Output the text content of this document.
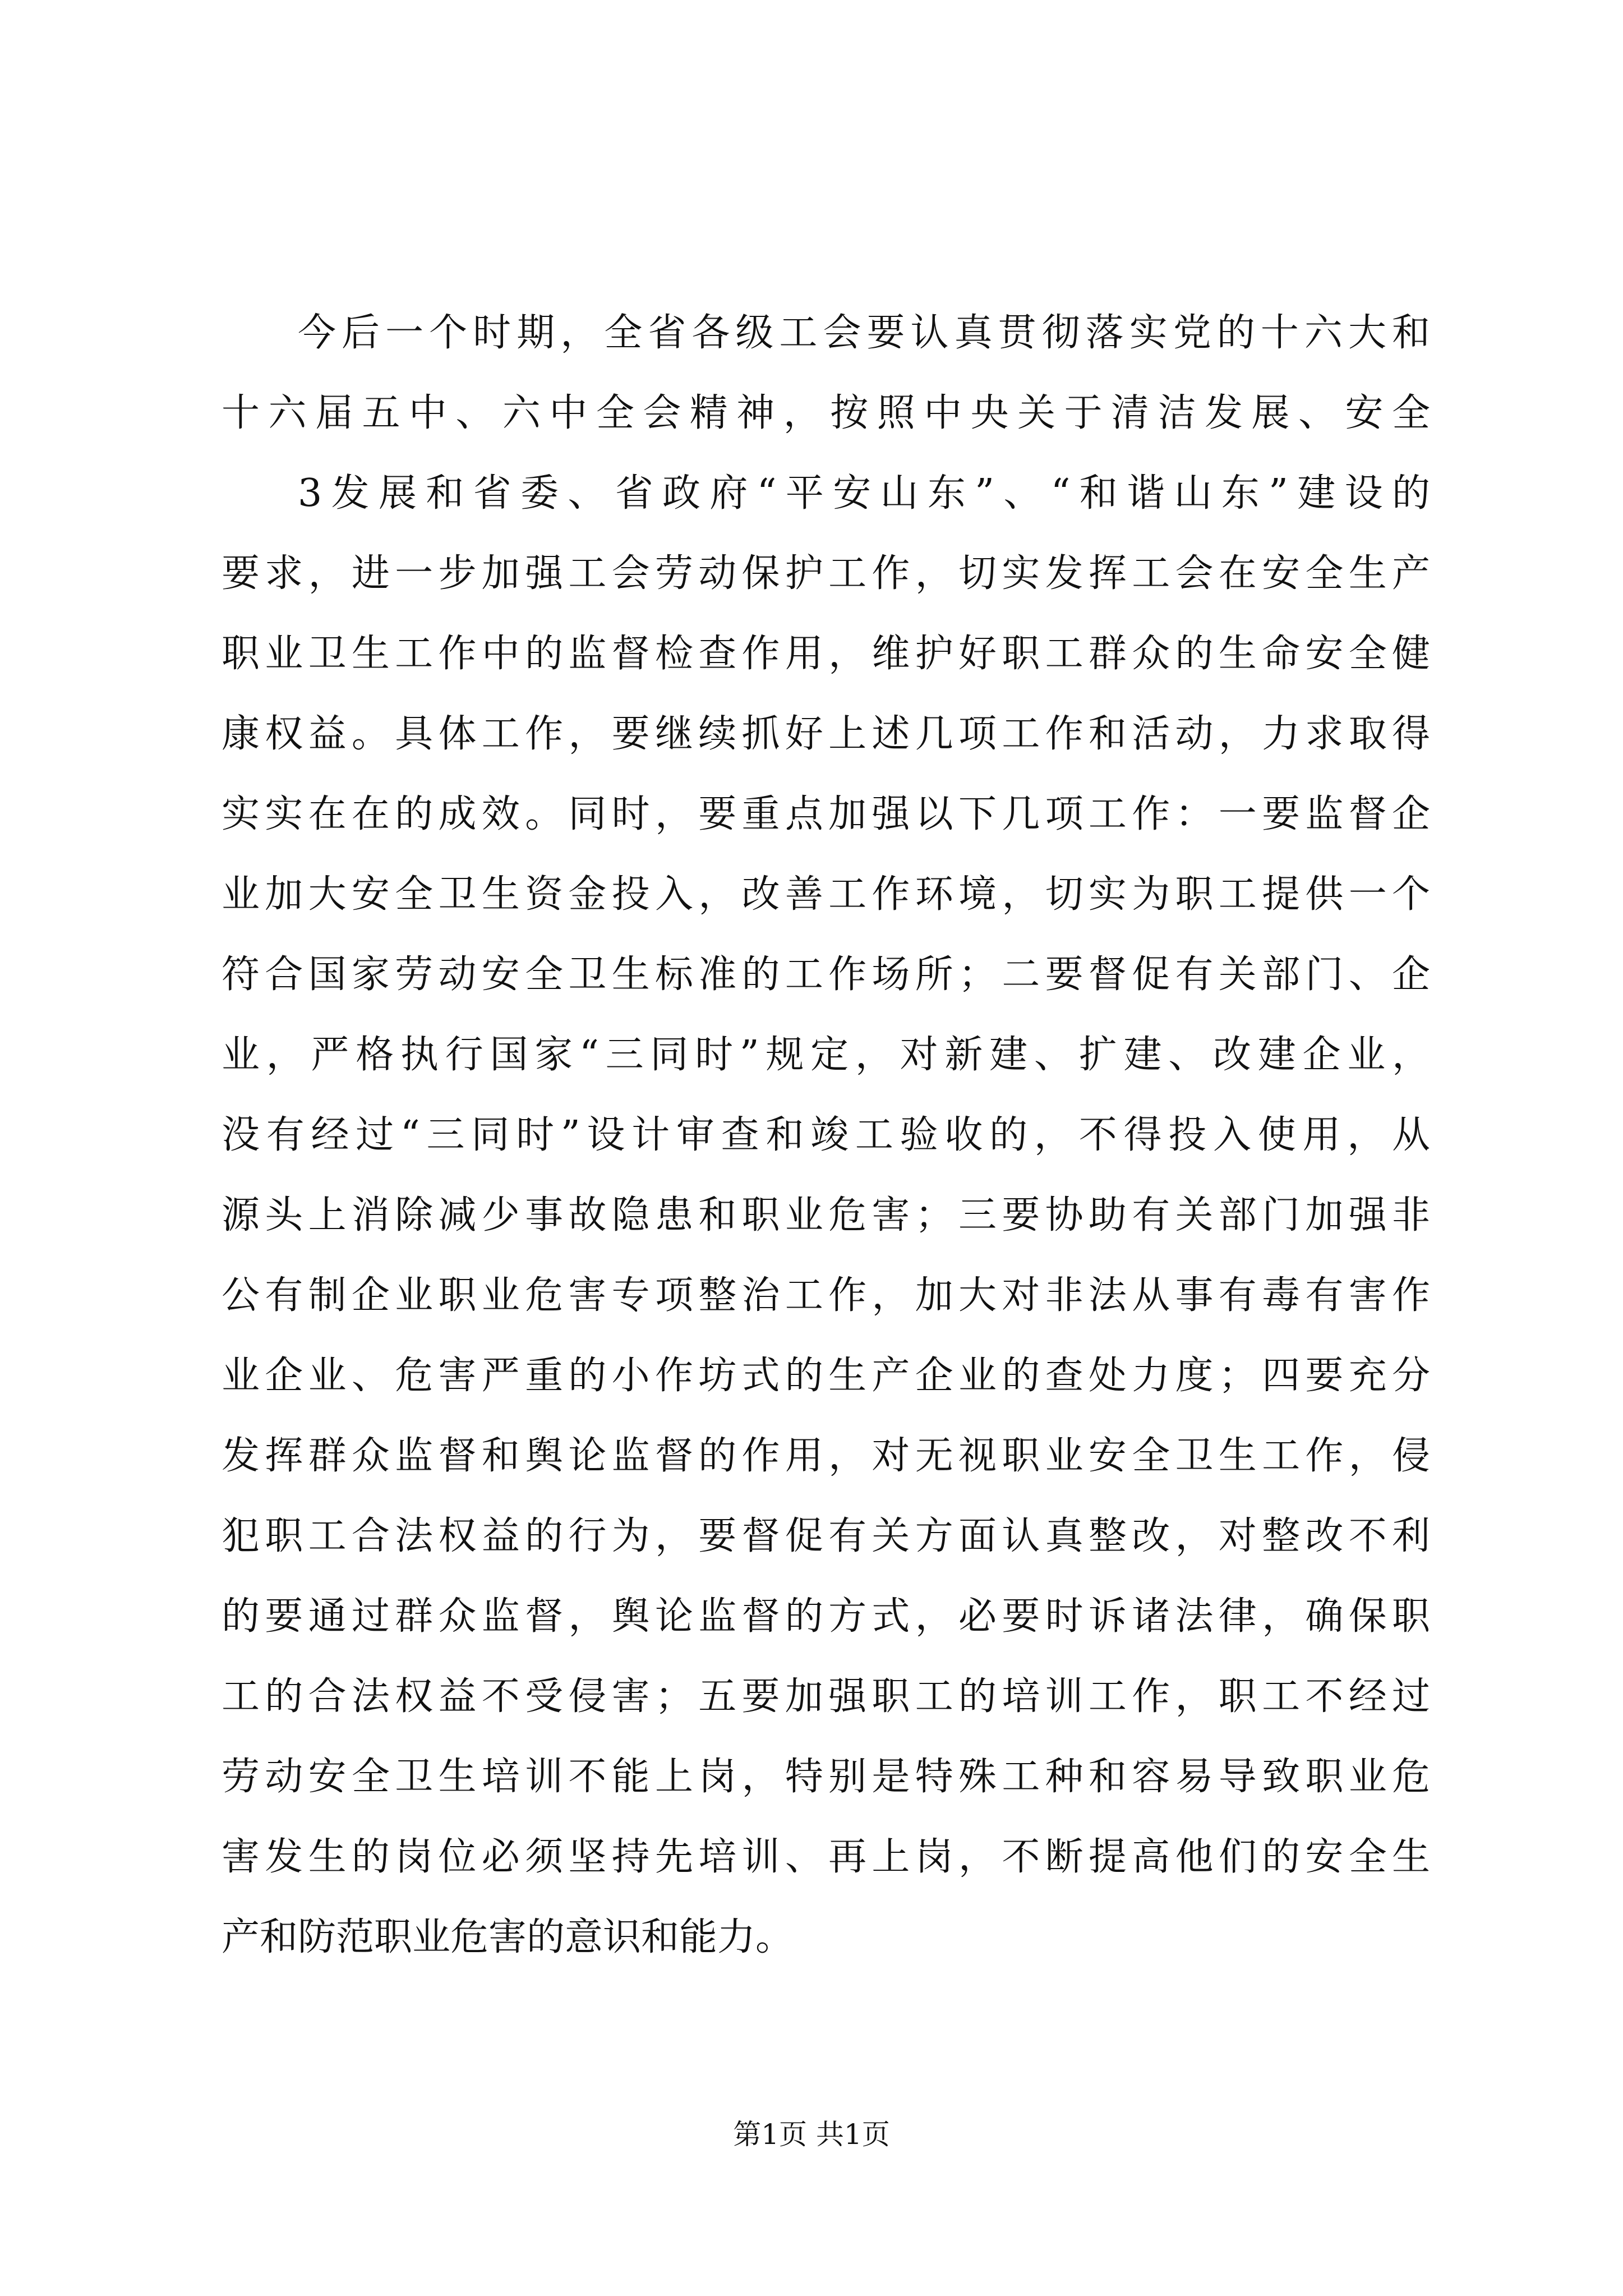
今后一个时期，全省各级工会要认真贯彻落实党的十六大和
十六届五中、六中全会精神，按照中央关于清洁发展、安全
3发展和省委、省政府“平安山东”、“和谐山东”建设的
要求，进一步加强工会劳动保护工作，切实发挥工会在安全生产
职业卫生工作中的监督检查作用，维护好职工群众的生命安全健
康权益。具体工作，要继续抓好上述几项工作和活动，力求取得
实实在在的成效。同时，要重点加强以下几项工作：一要监督企
业加大安全卫生资金投入，改善工作环境，切实为职工提供一个
符合国家劳动安全卫生标准的工作场所；二要督促有关部门、企
业，严格执行国家“三同时”规定，对新建、扩建、改建企业，
没有经过“三同时”设计审查和竣工验收的，不得投入使用，从
源头上消除减少事故隐患和职业危害；三要协助有关部门加强非
公有制企业职业危害专项整治工作，加大对非法从事有毒有害作
业企业、危害严重的小作坊式的生产企业的查处力度；四要充分
发挥群众监督和舆论监督的作用，对无视职业安全卫生工作，侵
犯职工合法权益的行为，要督促有关方面认真整改，对整改不利
的要通过群众监督，舆论监督的方式，必要时诉诸法律，确保职
工的合法权益不受侵害；五要加强职工的培训工作，职工不经过
劳动安全卫生培训不能上岗，特别是特殊工种和容易导致职业危
害发生的岗位必须坚持先培训、再上岗，不断提高他们的安全生
产和防范职业危害的意识和能力。
第1页 共1页
